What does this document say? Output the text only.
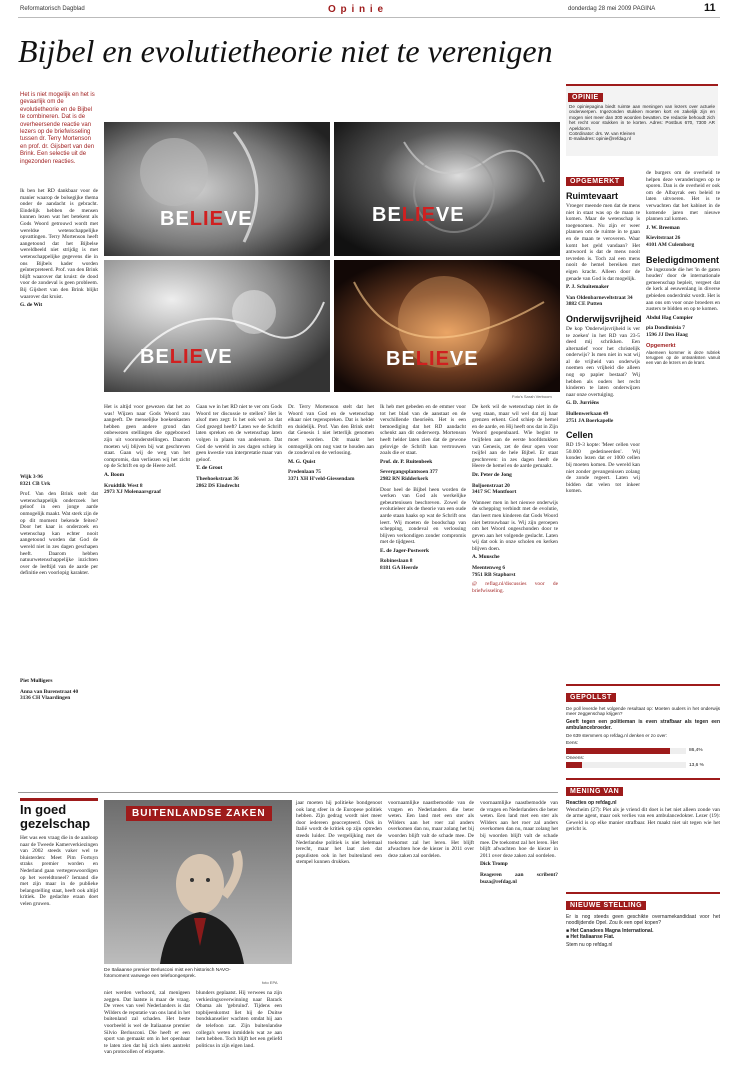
Reformatorisch Dagblad	O p i n i e	donderdag 28 mei 2009 PAGINA	11
Bijbel en evolutietheorie niet te verenigen
Het is niet mogelijk en het is gevaarlijk om de evolutietheorie en de Bijbel te combineren. Dat is de overheersende reactie van lezers op de briefwisseling tussen dr. Terry Mortenson en prof. dr. Gijsbert van den Brink. Een selectie uit de ingezonden reacties.
Ik ben het RD dankbaar voor de manier waarop de bolsegijke thema onder de aandacht is gebracht. Eindelijk hebben de mensen kunnen lezen wat het betekent als Gods Woord getrouwd wordt met wereldse wetenschappelijke opvattingen. Terry Mortenson heeft aangetoond dat het Bijbelse wereldbeeld niet strijdig is met wetenschappelijke gegevens die in ons Bijbels kader worden geïnterpreteerd. Prof. van den Brink blijft waarover dat kruist: de dood voor de zondeval is geen probleem. Bij Gijsbert van den Brink blijkt waarover dat kruist.
G. de Wit
Wijk 3-96
8321 CB Urk
Prof. Van den Brink stelt dat wetenschappelijk onderzoek het geloof in een jonge aarde onmogelijk maakt. Wat sterk zijn de op dit moment bekende feiten? Door het kaar is onderzoek en wetenschap kan echter nooit aangetoond worden dat God de wereld niet in zes dagen geschapen heeft. Daarom hebben natuurwetenschappelijke inzichten over de leeftijd van de aarde per definitie een voorlopig karakter.
Piet Mulligers
Anna van Burenstraat 40
3136 CH Vlaardingen
BELIEVE	BELIEVE
BELIEVE	BELIEVE
Foto's Sarah Verboom
Het is altijd voor gewezen dat het zo was! Wijzen naar Gods Woord zou aangeeft. De menselijke boekenkasten hebben geen andere grond dan onbewezen stellingen die opgebouwd zijn uit vooronderstellingen. Daarom moeten wij blijven bij wat geschreven staat. Gaan wij de weg van het compromis, dan verliezen wij het zicht op de Schrift en op de Heere zelf.
A. Boom
Kruidtlik West 8
2973 XJ Molenaarsgraaf
Gaan we in het RD niet te ver om Gods Woord ter discussie te stellen? Het is alsof men zegt: Is het ook wel zo dat God gezegd heeft? Laten we de Schrift laten spreken en de wetenschap laten volgen in plaats van andersom. Dat God de wereld in zes dagen schiep is geen kwestie van interpretatie maar van geloof.
T. de Groot
Theehoekstraat 36
2862 DS Eindrecht
Dr. Terry Mortenson stelt dat het Woord van God en de wetenschap elkaar niet tegenspreken. Dat is helder en duidelijk. Prof. Van den Brink stelt dat Genesis 1 niet letterlijk genomen moet worden. Dit maakt het onmogelijk om nog vast te houden aan de zondeval en de verlossing.
M. G. Quist
Predenlaan 75
3371 XH H'veld-Giessendam
Ik heb met gebeden en de emmer voor tot het blad van de aanstaat en de verschillende theorieën. Het is een bemoediging dat het RD aandacht schenkt aan dit onderwerp. Mortenson heeft helder laten zien dat de gewone gelovige de Schrift kan vertrouwen zoals die er staat.
Prof. dr. P. Ruitenbeek
Severgangsplantsoen 377
2982 RN Ridderkerk
Door heel de Bijbel heen worden de werken van God als werkelijke gebeurtenissen beschreven. Zowel de evolutieleer als de theorie van een oude aarde staan haaks op wat de Schrift ons leert. Wij moeten de boodschap van schepping, zondeval en verlossing blijven verkondigen zonder compromis met de tijdgeest.
E. de Jager-Postwerk
Robineslaan 8
8181 GA Heerde
De kerk wil de wetenschap niet in de weg staan, maar wil wel dat zij haar grenzen erkent. God schiep de hemel en de aarde, en Hij heeft ons dat in Zijn Woord geopenbaard. Wie begint te twijfelen aan de eerste hoofdstukken van Genesis, zet de deur open voor twijfel aan de hele Bijbel. Er staat geschreven: in zes dagen heeft de Heere de hemel en de aarde gemaakt.
Dr. Peter de Jong
Boljoenstraat 20
3417 SC Montfoort
Wanneer men in het nieuwe onderwijs de schepping verbindt met de evolutie, dan leert men kinderen dat Gods Woord niet betrouwbaar is. Wij zijn geroepen om het Woord ongeschonden door te geven aan het volgende geslacht. Laten wij dat ook in onze scholen en kerken blijven doen.
A. Muusche
Meentenweg 6
7951 RB Staphorst
@ reflag.nl/discussies voor de briefwisseling.
OPINIE
De opiniepagina biedt ruimte aan meningen van lezers over actuele onderwerpen. Ingezonden stukken moeten kort en zakelijk zijn en mogen niet meer dan 300 woorden bevatten. De redactie behoudt zich het recht voor stukken in te korten. Adres: Postbus 670, 7300 AR Apeldoorn.
Coördinator: drs. W. van Kleinen
E-mailadres: opinie@refdag.nl
OPGEMERKT
Ruimtevaart
Vroeger meende men dat de mens niet in staat was op de maan te komen. Maar de wetenschap is toegenomen. Nu zijn er weer plannen om de ruimte in te gaan en de maan te veroveren. Waar komt het geld vandaan? Het antwoord is dat de mens nooit tevreden is. Toch zal een mens nooit de hemel bereiken met eigen kracht. Alleen door de genade van God is dat mogelijk.
P. J. Schuitemaker
Van Oldenbarneveltstraat 34
3882 CE Putten
Onderwijsvrijheid
De kop 'Onderwijsvrijheid is ver te zoeken' in het RD van 23-5 deed mij schrikken. Een alternatief voor het christelijk onderwijs? Is men niet in wat wij al de vrijheid van onderwijs noemen een vrijheid die alleen nog op papier bestaat? Wij hebben als ouders het recht kinderen te laten onderwijzen naar onze overtuiging.
G. D. Jurriëns
Hullenwerkaan 49
2751 JA Boerkapelle
Cellen
RD 19-3 kopte: 'Meer cellen voor 50.000 gedetineerden'. Wij konden lezen dat er 1000 cellen bij moeten komen. De wereld kan niet zonder gevangenissen zolang de zonde regeert. Laten wij bidden dat velen tot inkeer komen.
de burgers om de overheid te helpen deze veranderingen op te sporen. Dan is de overheid er ook om de Albayrak een beleid te laten uitvoeren. Het is te verwachten dat het kabinet in de komende jaren met nieuwe plannen zal komen.
J. W. Breeman
Kievitstraat 26
4101 AM Culemborg
Beledigdmoment
De ingezonde die het 'in de gaten houden' door de internationale gemeenschap bepleit, vergeet dat de kerk al eeuwenlang in diverse gebieden onderdrukt wordt. Het is aan ons om voor onze broeders en zusters te bidden en op te komen.
Abdul Hag Compier
pia Dondimisia 7
1596 JJ Den Haag
Opgemerkt
Alaemeen kommer is deze rubriek terugpen op de ontvanksten vanuit een van de lezers en de krant.
GEPOLLST
De poll leverde het volgende resultaat op: Moeten ouders in het onderwijs meer zeggenschap krijgen?
Geeft tegen een politieman is even strafbaar als tegen een ambulancebroeder.
De 639 stemmers op refdag.nl denken er zo over:
Eens:
86,4%
Oneens:
13,6 %
MENING VAN
Reacties op refdag.nl
Wencheim (27): Piet als je vriend dit doet is het niet alleen zonde van de arme agent, maar ook verlies van een ambulancedokter. Lezer (19): Geweld is op elke manier strafbaar. Het maakt niet uit tegen wie het gericht is.
NIEUWE STELLING
Er is nog steeds geen geschikte overnamekandidaat voor het noodlijdende Opel. Zou ik een opel kopen?
■ Het Canadees Magna International.
■ Het Italiaanse Fiat.
Stem nu op refdag.nl
In goed gezelschap
Het was een vraag die in de aanloop naar de Tweede Kamerverkiezingen van 2002 steeds vaker wel te bluisterden: Meet Pim Fortuyn straks premier worden en Nederland gaan vertegenwoordigen op het wereldtoneel? Iemand die met zijn maar in de publieke belangstelling staat, heeft ook altijd kritiek. De gedachte eraan doet velen gruwen.
BUITENLANDSE ZAKEN
De Italiaanse premier Berlusconi mist een historisch NAVO-fotomoment vanwege een telefoongesprek.
foto EPA
niet werden verhoord, zal menigeen zeggen. Dat laatste is maar de vraag. De vrees van veel Nederlanders is dat Wilders de reputatie van ons land in het buitenland zal schaden. Het beste voorbeeld is wel de Italiaanse premier Silvio Berlusconi. Die heeft er een sport van gemaakt om in het openbaar te laten zien dat hij zich niets aantrekt van protocollen of etiquette.
blunders geplaatst. Hij verwees na zijn verkiezingsoverwinning naar Barack Obama als 'gebruind'. Tijdens een topbijeenkomst liet hij de Duitse bondskanselier wachten omdat hij aan de telefoon zat. Zijn buitenlandse collega's weten inmiddels wat ze aan hem hebben. Toch blijft het een geliefd politicus in zijn eigen land.
jaar moeten hij politieke bondgenoot ook lang sfeer in de Europese politiek hebben. Zijn gedrag wordt niet meer door iedereen geaccepteerd. Ook in Italië wordt de kritiek op zijn optreden steeds luider. De vergelijking met de Nederlandse politiek is niet helemaal terecht, maar het laat zien dat populisten ook in het buitenland een stempel kunnen drukken.
voornaamlijke naastbemodde van de vragen en Nederlanders die beter weten. Een land met een ster als Wilders aan het roer zal anders overkomen dan nu, maar zolang het bij woorden blijft valt de schade mee. De toekomst zal het leren. Het blijft afwachten hoe de kiezer in 2011 over deze zaken zal oordelen.
voornaamlijke naastbemodde van de vragen en Nederlanders die beter weten. Een land met een ster als Wilders aan het roer zal anders overkomen dan nu, maar zolang het bij woorden blijft valt de schade mee. De toekomst zal het leren. Het blijft afwachten hoe de kiezer in 2011 over deze zaken zal oordelen.
Dick Tromp
Reageren aan scribent? buza@refdag.nl
